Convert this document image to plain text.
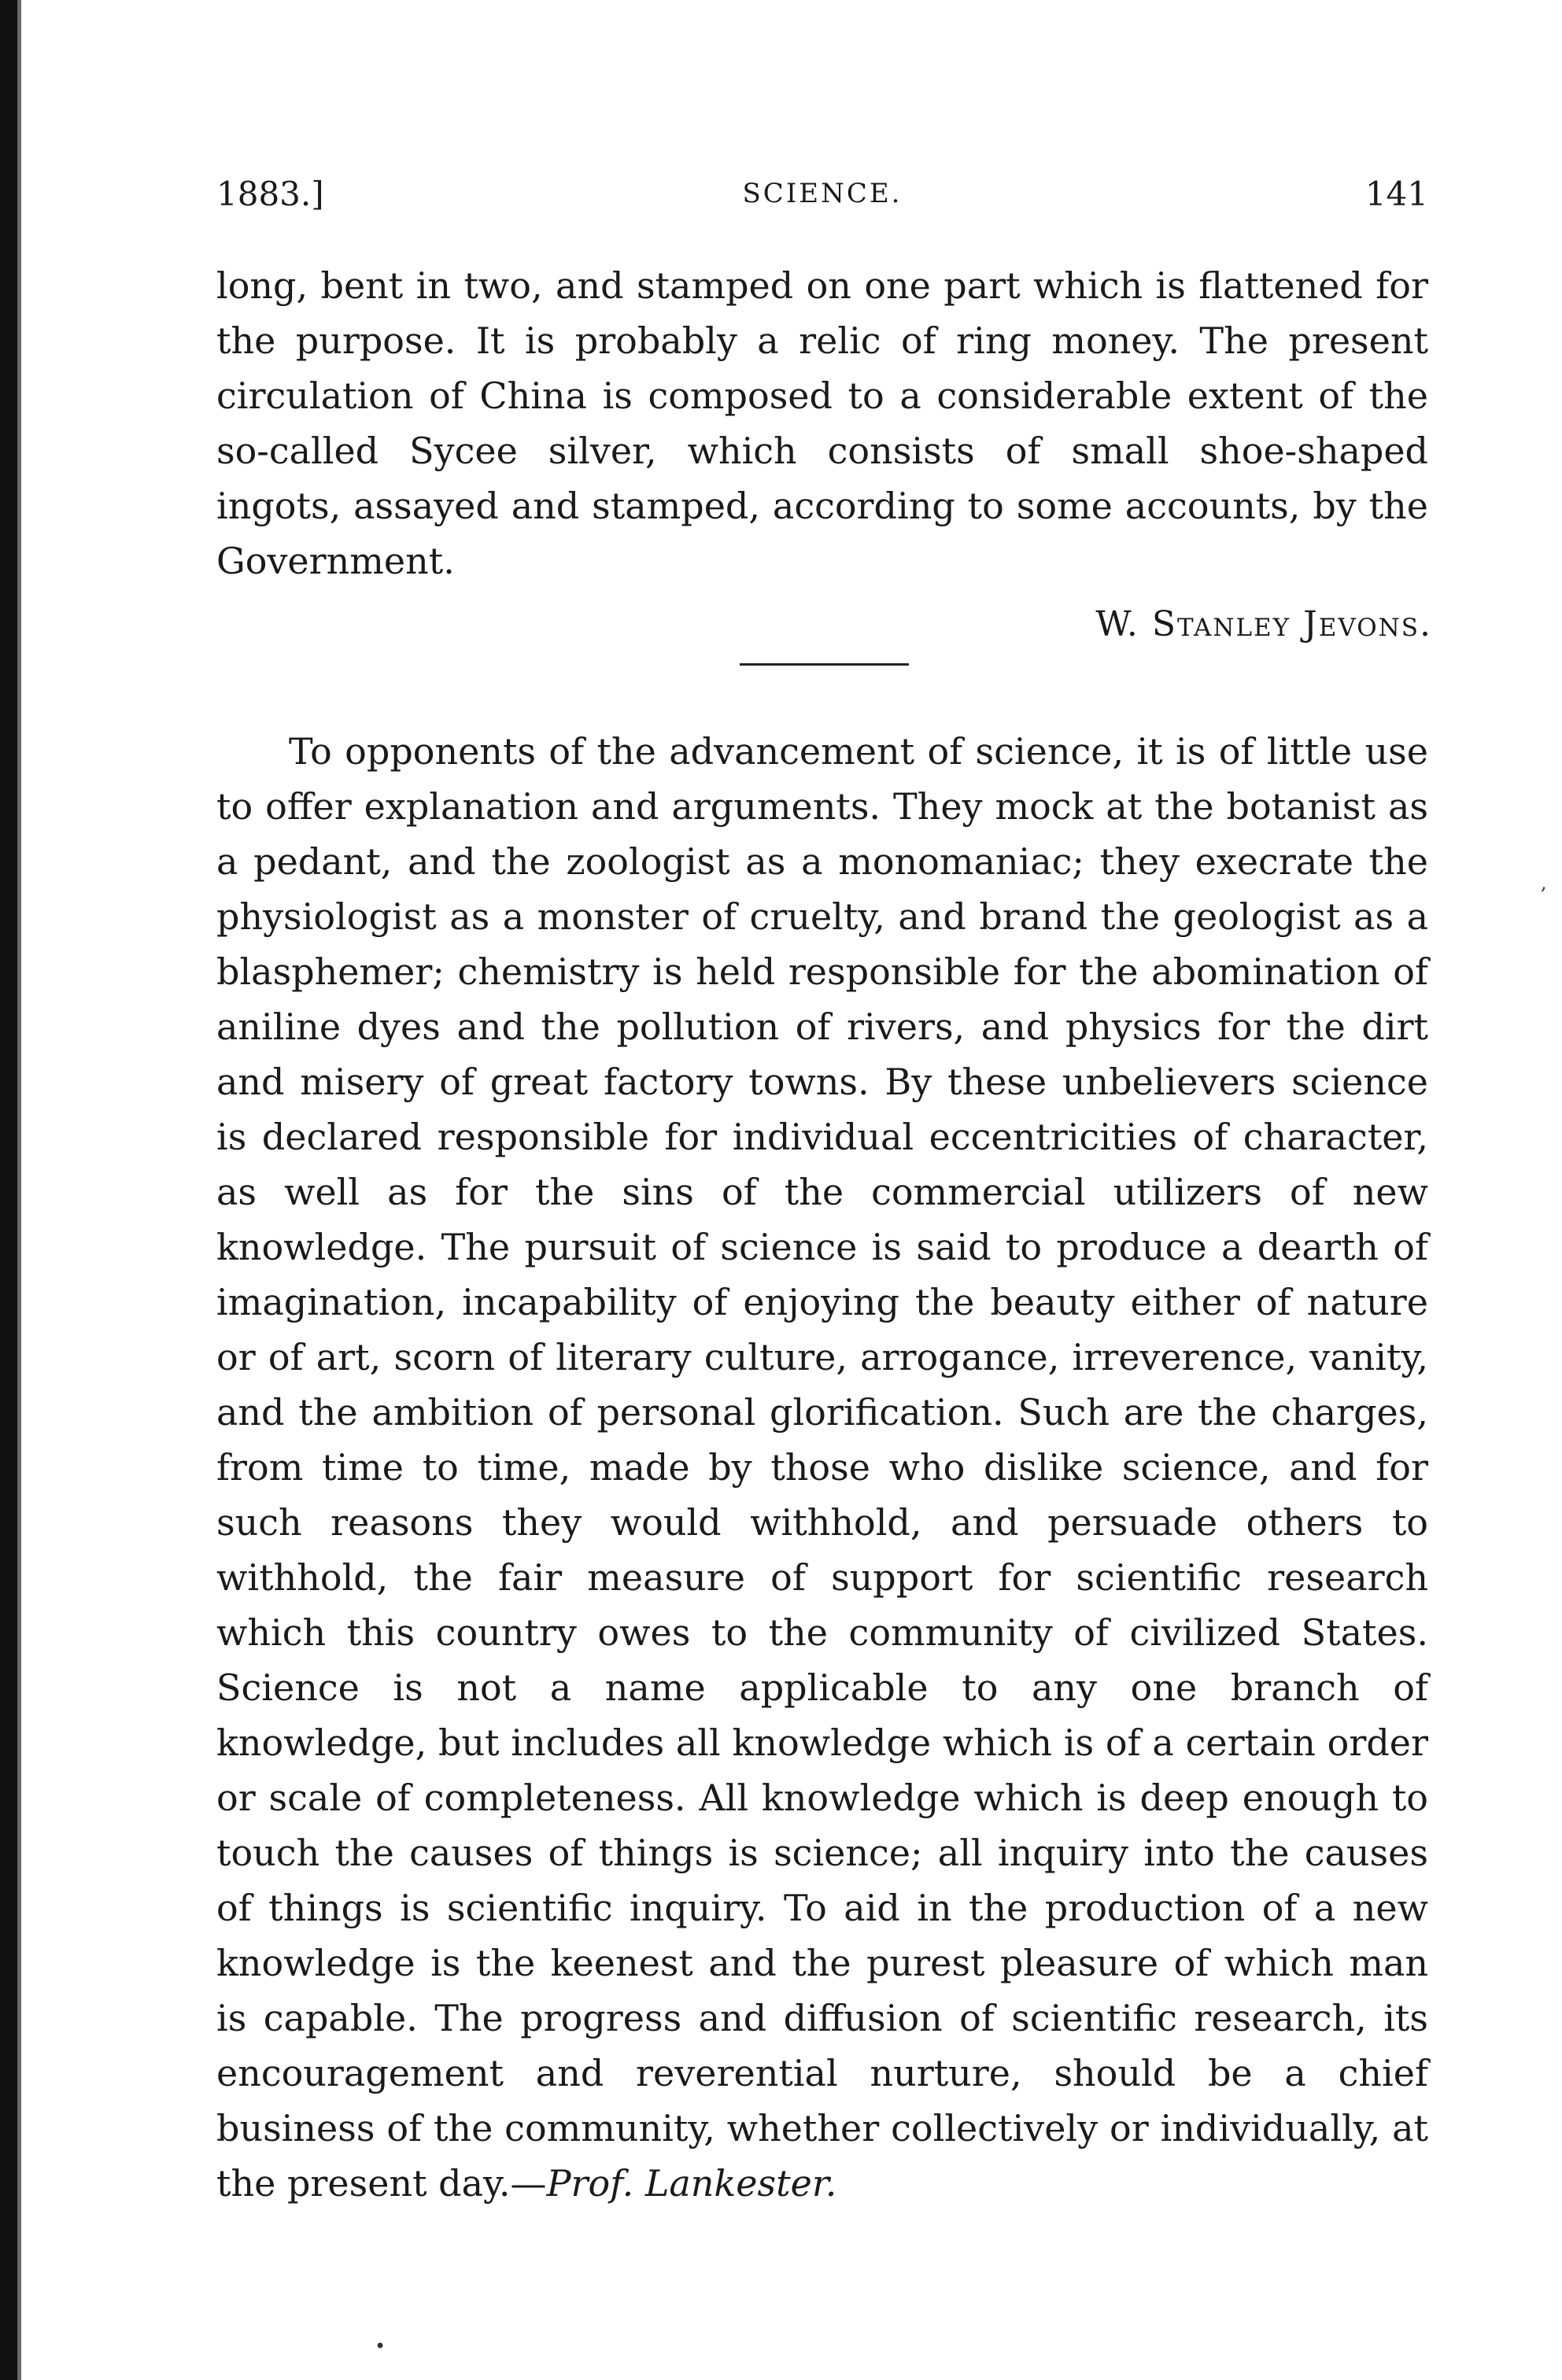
1883.]	SCIENCE.	141

long, bent in two, and stamped on one part which is flattened for the purpose. It is probably a relic of ring money. The present circulation of China is composed to a considerable extent of the so-called Sycee silver, which consists of small shoe-shaped ingots, assayed and stamped, according to some accounts, by the Government.

W. Stanley Jevons.

To opponents of the advancement of science, it is of little use to offer explanation and arguments. They mock at the botanist as a pedant, and the zoologist as a monomaniac; they execrate the physiologist as a monster of cruelty, and brand the geologist as a blasphemer; chemistry is held responsible for the abomination of aniline dyes and the pollution of rivers, and physics for the dirt and misery of great factory towns. By these unbelievers science is declared responsible for individual eccentricities of character, as well as for the sins of the commercial utilizers of new knowledge. The pursuit of science is said to produce a dearth of imagination, incapability of enjoying the beauty either of nature or of art, scorn of literary culture, arrogance, irreverence, vanity, and the ambition of personal glorification. Such are the charges, from time to time, made by those who dislike science, and for such reasons they would withhold, and persuade others to withhold, the fair measure of support for scientific research which this country owes to the community of civilized States. Science is not a name applicable to any one branch of knowledge, but includes all knowledge which is of a certain order or scale of completeness. All knowledge which is deep enough to touch the causes of things is science; all inquiry into the causes of things is scientific inquiry. To aid in the production of a new knowledge is the keenest and the purest pleasure of which man is capable. The progress and diffusion of scientific research, its encouragement and reverential nurture, should be a chief business of the community, whether collectively or individually, at the present day.—Prof. Lankester.

,
•
